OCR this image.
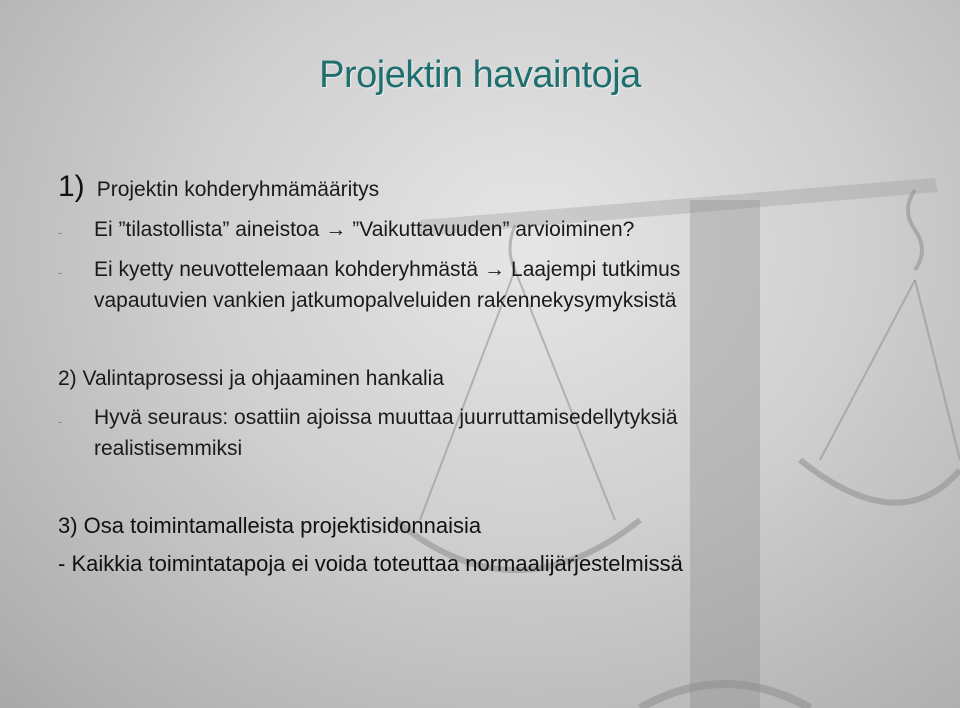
Projektin havaintoja
1) Projektin kohderyhmämääritys
- Ei ”tilastollista” aineistoa → ”Vaikuttavuuden” arvioiminen?
- Ei kyetty neuvottelemaan kohderyhmästä → Laajempi tutkimus
vapautuvien vankien jatkumopalveluiden rakennekysymyksistä
2) Valintaprosessi ja ohjaaminen hankalia
- Hyvä seuraus: osattiin ajoissa muuttaa juurruttamisedellytyksiä
realistisemmiksi
3) Osa toimintamalleista projektisidonnaisia
- Kaikkia toimintatapoja ei voida toteuttaa normaalijärjestelmissä
